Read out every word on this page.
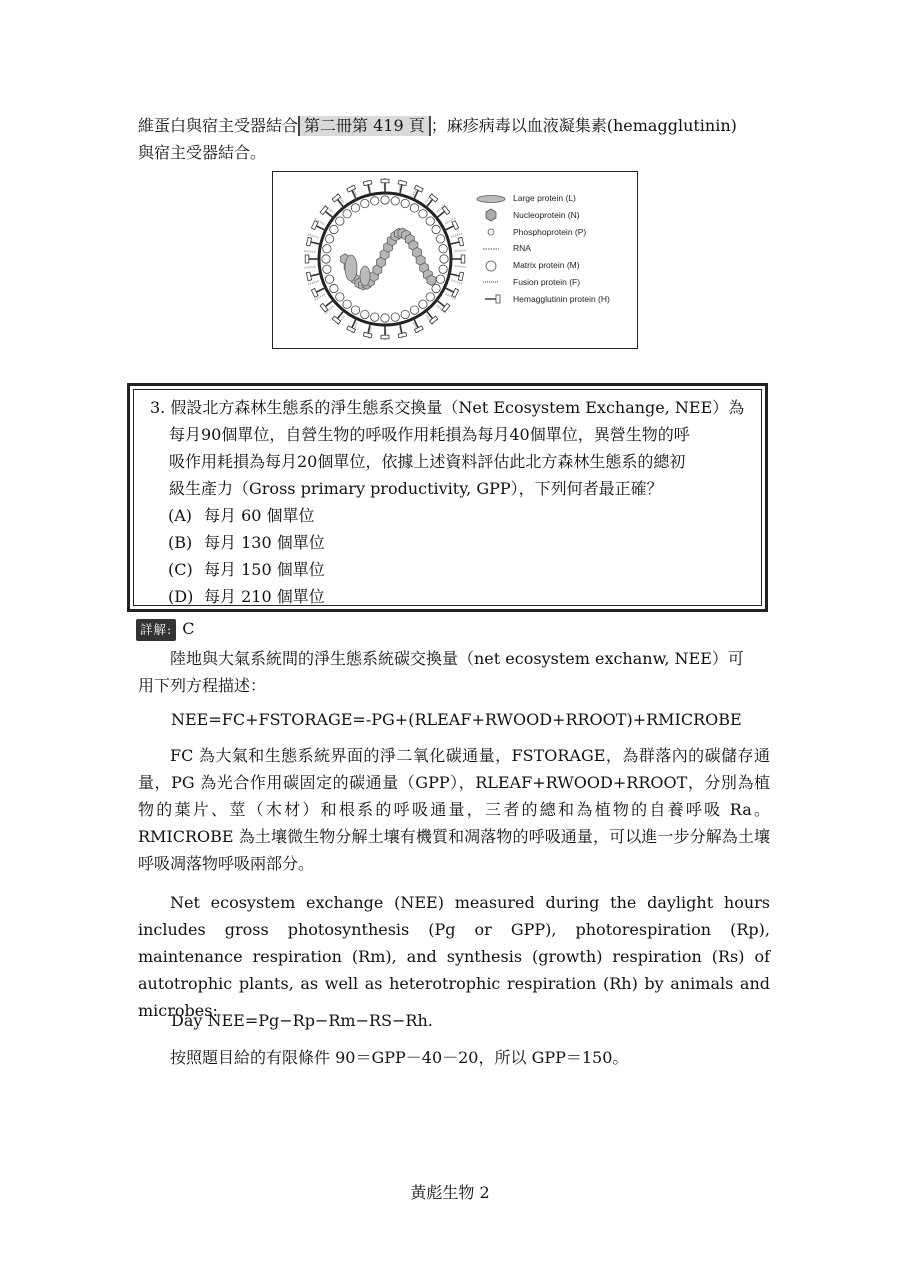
維蛋白與宿主受器結合 第二冊第 419 頁 ；麻疹病毒以血液凝集素(hemagglutinin)
與宿主受器結合。

Large protein (L)
Nucleoprotein (N)
Phosphoprotein (P)
RNA
Matrix protein (M)
Fusion protein (F)
Hemagglutinin protein (H)
3. 假設北方森林生態系的淨生態系交換量（Net Ecosystem Exchange, NEE）為
每月90個單位，自營生物的呼吸作用耗損為每月40個單位，異營生物的呼
吸作用耗損為每月20個單位，依據上述資料評估此北方森林生態系的總初
級生產力（Gross primary productivity, GPP），下列何者最正確？
(A) 每月 60 個單位
(B) 每月 130 個單位
(C) 每月 150 個單位
(D) 每月 210 個單位
詳解: C

陸地與大氣系統間的淨生態系統碳交換量（net ecosystem exchanw, NEE）可
用下列方程描述：

NEE=FC+FSTORAGE=-PG+(RLEAF+RWOOD+RROOT)+RMICROBE

FC 為大氣和生態系統界面的淨二氧化碳通量，FSTORAGE，為群落內的碳儲存通量，PG 為光合作用碳固定的碳通量（GPP），RLEAF+RWOOD+RROOT，分別為植物的葉片、莖（木材）和根系的呼吸通量，三者的總和為植物的自養呼吸 Ra。RMICROBE 為土壤微生物分解土壤有機質和凋落物的呼吸通量，可以進一步分解為土壤呼吸凋落物呼吸兩部分。

Net ecosystem exchange (NEE) measured during the daylight hours includes gross photosynthesis (Pg or GPP), photorespiration (Rp), maintenance respiration (Rm), and synthesis (growth) respiration (Rs) of autotrophic plants, as well as heterotrophic respiration (Rh) by animals and microbes:

Day NEE=Pg−Rp−Rm−RS−Rh.

按照題目給的有限條件 90＝GPP－40－20，所以 GPP＝150。

黃彪生物 2
